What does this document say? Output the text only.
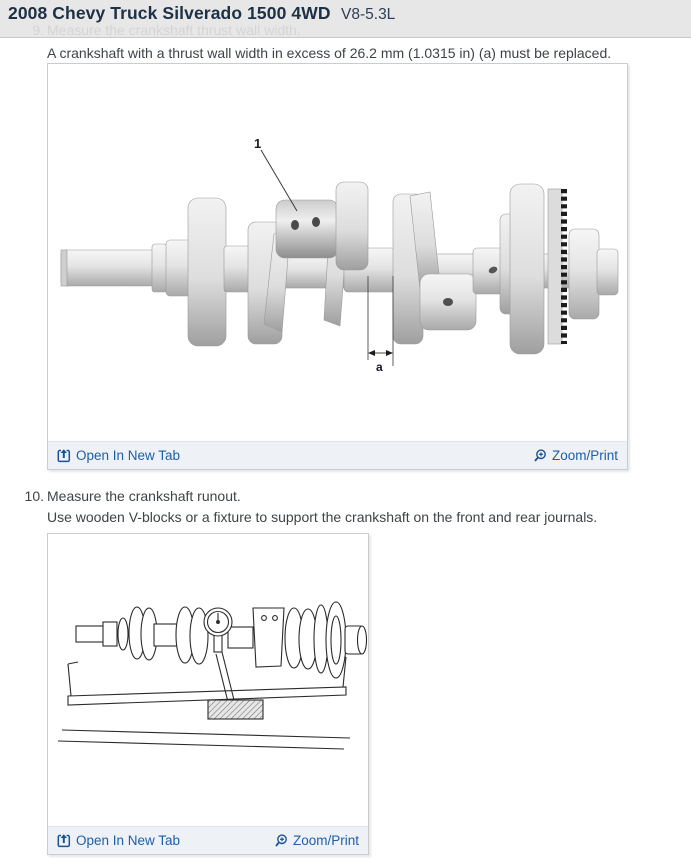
A crankshaft with a thrust wall width in excess of 26.2 mm (1.0315 in) (a) must be replaced.
1
a
Open In New Tab	Zoom/Print
10. Measure the crankshaft runout.
Use wooden V-blocks or a fixture to support the crankshaft on the front and rear journals.
Open In New Tab	Zoom/Print
2008 Chevy Truck Silverado 1500 4WD V8-5.3L
